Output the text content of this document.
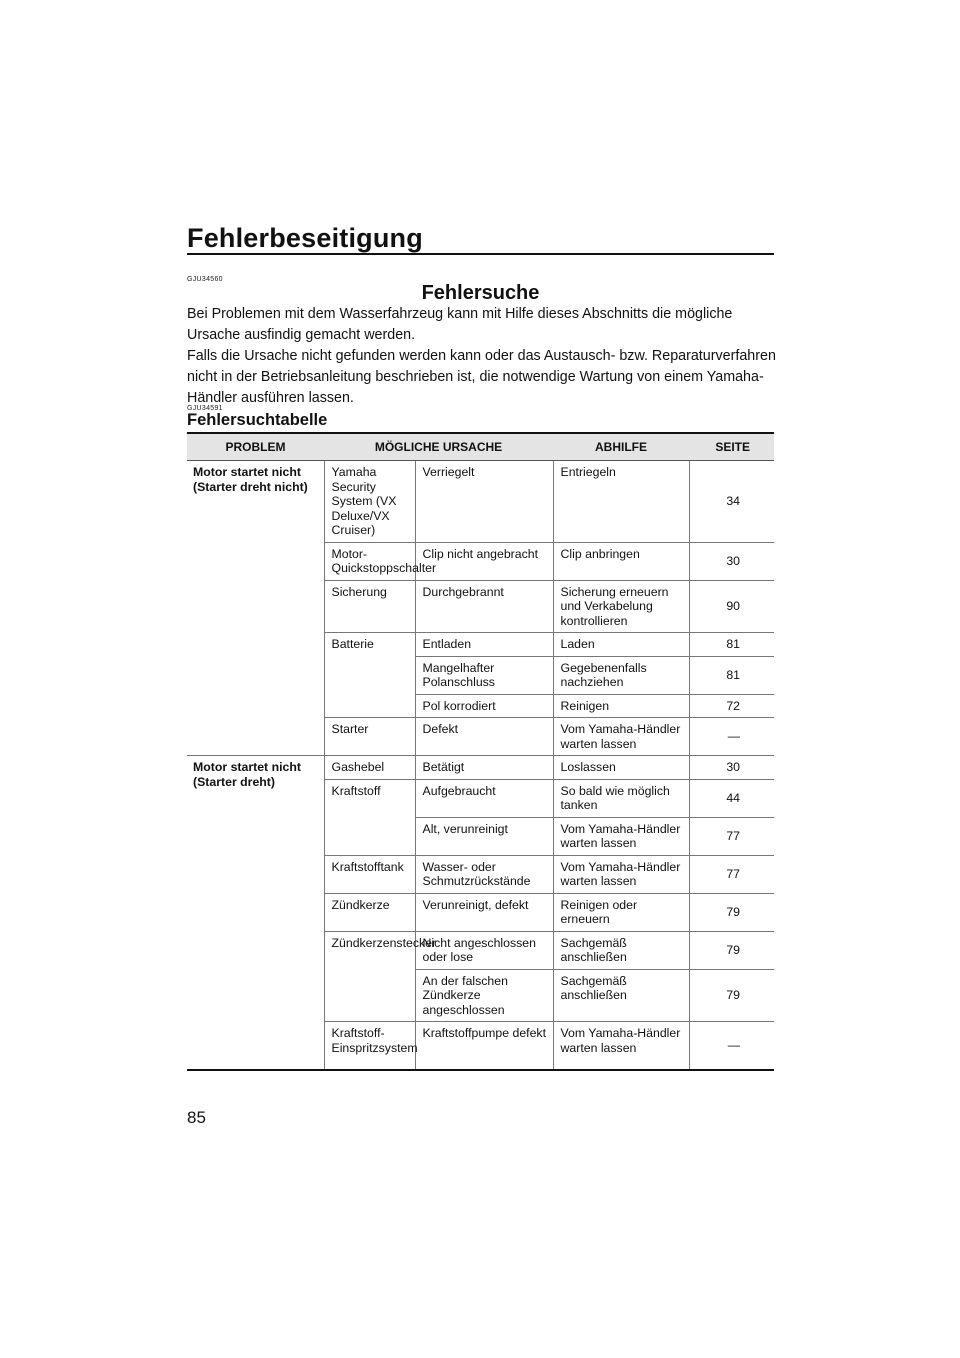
Fehlerbeseitigung
GJU34560
Fehlersuche

Bei Problemen mit dem Wasserfahrzeug kann mit Hilfe dieses Abschnitts die mögliche Ursache ausfindig gemacht werden.

Falls die Ursache nicht gefunden werden kann oder das Austausch- bzw. Reparaturverfahren nicht in der Betriebsanleitung beschrieben ist, die notwendige Wartung von einem Yamaha-Händler ausführen lassen.

GJU34591
Fehlersuchtabelle
PROBLEM	MÖGLICHE URSACHE		ABHILFE	SEITE
Motor startet nicht (Starter dreht nicht)	Yamaha Security System (VX Deluxe/VX Cruiser)	Verriegelt	Entriegeln	34
	Motor-Quickstoppschalter	Clip nicht angebracht	Clip anbringen	30
	Sicherung	Durchgebrannt	Sicherung erneuern und Verkabelung kontrollieren	90
	Batterie	Entladen	Laden	81
		Mangelhafter Polanschluss	Gegebenenfalls nachziehen	81
		Pol korrodiert	Reinigen	72
	Starter	Defekt	Vom Yamaha-Händler warten lassen	—
Motor startet nicht (Starter dreht)	Gashebel	Betätigt	Loslassen	30
	Kraftstoff	Aufgebraucht	So bald wie möglich tanken	44
		Alt, verunreinigt	Vom Yamaha-Händler warten lassen	77
	Kraftstofftank	Wasser- oder Schmutzrückstände	Vom Yamaha-Händler warten lassen	77
	Zündkerze	Verunreinigt, defekt	Reinigen oder erneuern	79
	Zündkerzenstecker	Nicht angeschlossen oder lose	Sachgemäß anschließen	79
		An der falschen Zündkerze angeschlossen	Sachgemäß anschließen	79
	Kraftstoff-Einspritzsystem	Kraftstoffpumpe defekt	Vom Yamaha-Händler warten lassen	—
85
